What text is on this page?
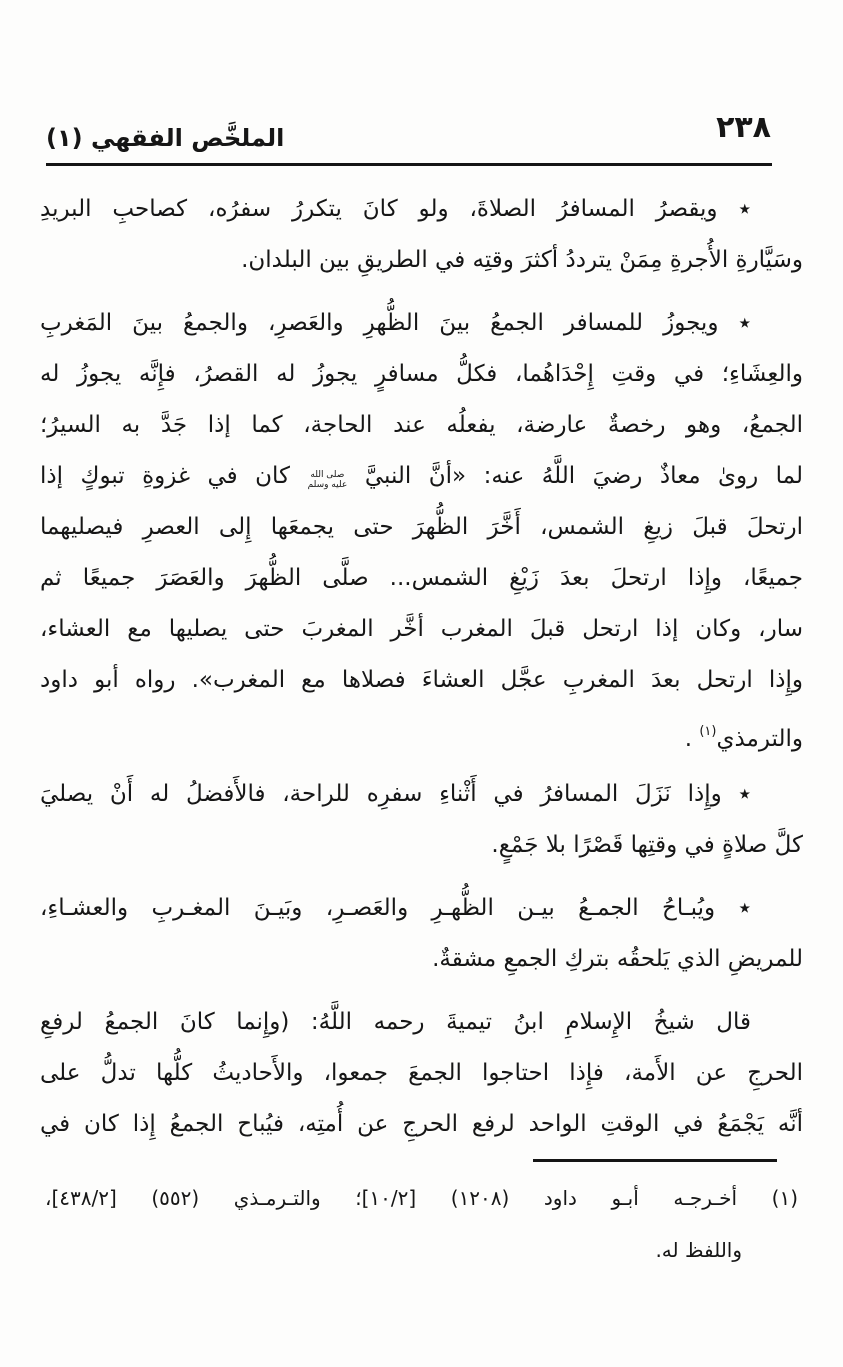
٢٣٨
الملخَّص الفقهي (١)
٭ ويقصرُ المسافرُ الصلاةَ، ولو كانَ يتكررُ سفرُه، كصاحبِ البريدِ
وسَيَّارةِ الأُجرةِ مِمَنْ يترددُ أكثرَ وقتِه في الطريقِ بين البلدان.
٭ ويجوزُ للمسافر الجمعُ بينَ الظُّهرِ والعَصرِ، والجمعُ بينَ المَغربِ
والعِشَاءِ؛ في وقتِ إِحْدَاهُما، فكلُّ مسافرٍ يجوزُ له القصرُ، فإِنَّه يجوزُ له
الجمعُ، وهو رخصةٌ عارضة، يفعلُه عند الحاجة، كما إذا جَدَّ به السيرُ؛
لما روىٰ معاذٌ رضيَ اللَّهُ عنه: «أنَّ النبيَّ صلى الله عليه وسلم كان في غزوةِ تبوكٍ إذا
ارتحلَ قبلَ زيغِ الشمس، أَخَّرَ الظُّهرَ حتى يجمعَها إِلى العصرِ فيصليهما
جميعًا، وإِذا ارتحلَ بعدَ زَيْغِ الشمس... صلَّى الظُّهرَ والعَصَرَ جميعًا ثم
سار، وكان إذا ارتحل قبلَ المغرب أخَّر المغربَ حتى يصليها مع العشاء،
وإِذا ارتحل بعدَ المغربِ عجَّل العشاءَ فصلاها مع المغرب». رواه أبو داود
والترمذي$^{(١)}$ .
٭ وإِذا نَزَلَ المسافرُ في أَثْناءِ سفرِه للراحة، فالأَفضلُ له أَنْ يصليَ
كلَّ صلاةٍ في وقتِها قَصْرًا بلا جَمْعٍ.
٭ ويُبـاحُ الجمـعُ بيـن الظُّهـرِ والعَصـرِ، وبَيـنَ المغـربِ والعشـاءِ،
للمريضِ الذي يَلحقُه بتركِ الجمعِ مشقةٌ.
قال شيخُ الإِسلامِ ابنُ تيميةَ رحمه اللَّهُ: (وإِنما كانَ الجمعُ لرفعِ
الحرجِ عن الأَمة، فإِذا احتاجوا الجمعَ جمعوا، والأَحاديثُ كلُّها تدلُّ على
أنَّه يَجْمَعُ في الوقتِ الواحد لرفع الحرجِ عن أُمتِه، فيُباح الجمعُ إِذا كان في
(١) أخـرجـه أبـو داود (١٢٠٨) [١٠/٢]؛ والتـرمـذي (٥٥٢) [٤٣٨/٢]،
واللفظ له.
